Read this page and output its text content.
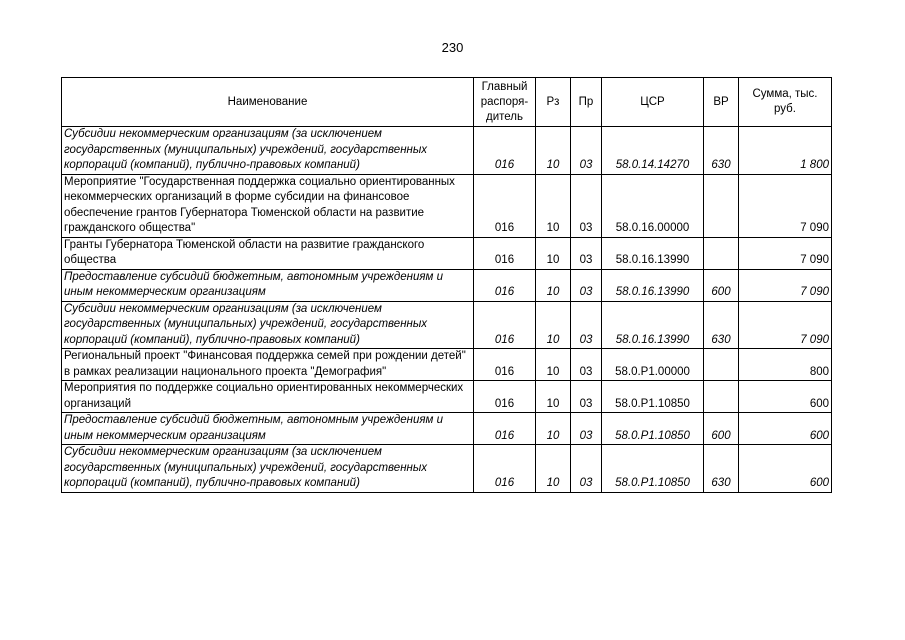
230
Наименование	Главный распоря-дитель	Рз	Пр	ЦСР	ВР	Сумма, тыс. руб.
Субсидии некоммерческим организациям (за исключением государственных (муниципальных) учреждений, государственных корпораций (компаний), публично-правовых компаний)	016	10	03	58.0.14.14270	630	1 800
Мероприятие "Государственная поддержка социально ориентированных некоммерческих организаций в форме субсидии на финансовое обеспечение грантов Губернатора Тюменской области на развитие гражданского общества"	016	10	03	58.0.16.00000		7 090
Гранты Губернатора Тюменской области на развитие гражданского общества	016	10	03	58.0.16.13990		7 090
Предоставление субсидий бюджетным, автономным учреждениям и иным некоммерческим организациям	016	10	03	58.0.16.13990	600	7 090
Субсидии некоммерческим организациям (за исключением государственных (муниципальных) учреждений, государственных корпораций (компаний), публично-правовых компаний)	016	10	03	58.0.16.13990	630	7 090
Региональный проект "Финансовая поддержка семей при рождении детей" в рамках реализации национального проекта "Демография"	016	10	03	58.0.P1.00000		800
Мероприятия по поддержке социально ориентированных некоммерческих организаций	016	10	03	58.0.P1.10850		600
Предоставление субсидий бюджетным, автономным учреждениям и иным некоммерческим организациям	016	10	03	58.0.P1.10850	600	600
Субсидии некоммерческим организациям (за исключением государственных (муниципальных) учреждений, государственных корпораций (компаний), публично-правовых компаний)	016	10	03	58.0.P1.10850	630	600
